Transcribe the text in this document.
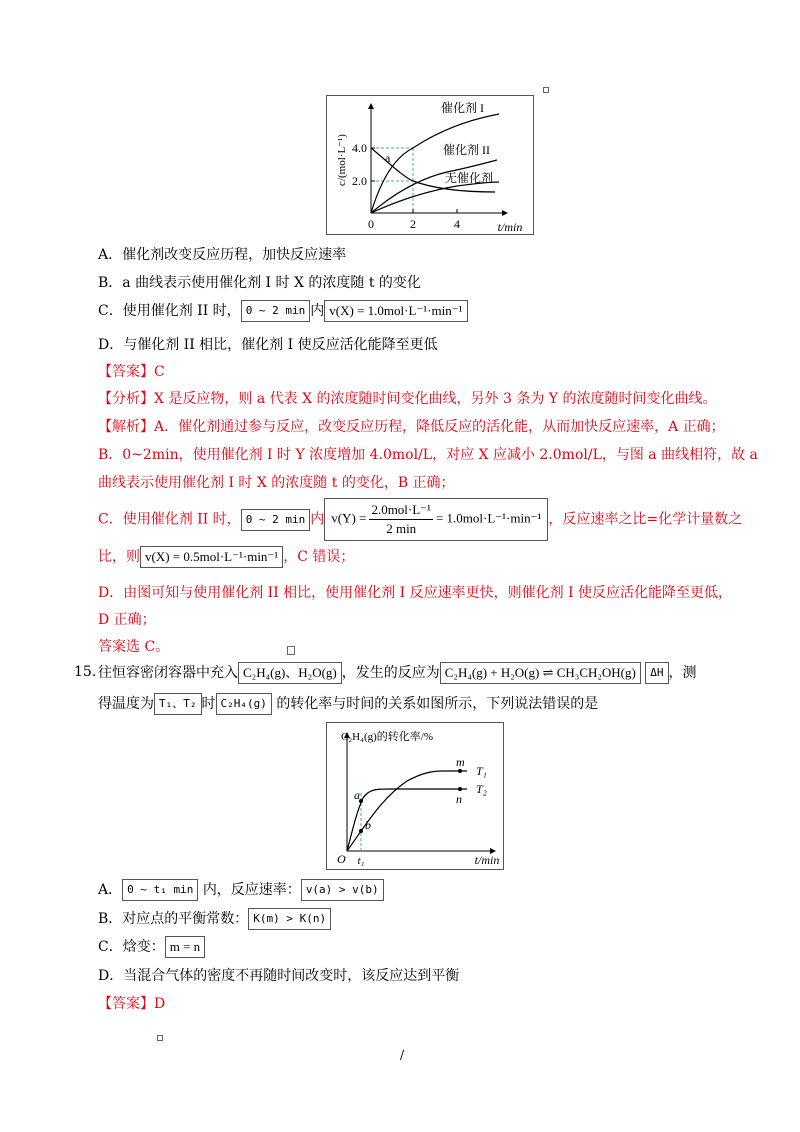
4.0
2.0
0	2	4	t/min
c/(mol·L⁻¹)
催化剂 I
催化剂 II
无催化剂
a
A．催化剂改变反应历程，加快反应速率
B．a 曲线表示使用催化剂 I 时 X 的浓度随 t 的变化
C．使用催化剂 II 时， 0 ~ 2 min 内 v(X) = 1.0mol·L⁻¹·min⁻¹
D．与催化剂 II 相比，催化剂 I 使反应活化能降至更低
【答案】C
【分析】X 是反应物，则 a 代表 X 的浓度随时间变化曲线，另外 3 条为 Y 的浓度随时间变化曲线。
【解析】A．催化剂通过参与反应，改变反应历程，降低反应的活化能，从而加快反应速率，A 正确；
B．0~2min，使用催化剂 I 时 Y 浓度增加 4.0mol/L，对应 X 应减小 2.0mol/L，与图 a 曲线相符，故 a
曲线表示使用催化剂 I 时 X 的浓度随 t 的变化，B 正确；
C．使用催化剂 II 时， 0 ~ 2 min 内 $v(Y) = \frac{\text{2.0mol·L⁻¹}}{2 \min} = 1.0mol\cdot L^{-1}\cdot\min^{-1}$ ，反应速率之比=化学计量数之
比，则 v(X) = 0.5mol·L⁻¹·min⁻¹ ，C 错误；
D．由图可知与使用催化剂 II 相比，使用催化剂 I 反应速率更快，则催化剂 I 使反应活化能降至更低，
D 正确；
答案选 C。
15. 往恒容密闭容器中充入 C₂H₄(g)、H₂O(g) ，发生的反应为 C₂H₄(g) + H₂O(g) ⇌ CH₃CH₂OH(g) ΔH ，测
得温度为 T₁、T₂ 时 C₂H₄(g) 的转化率与时间的关系如图所示，下列说法错误的是
C₂H₄(g)的转化率/%
O t₁	t/min
a
b
m
n
T₁
T₂
A． 0 ~ t₁ min 内，反应速率： v(a) > v(b)
B．对应点的平衡常数： K(m) > K(n)
C．焓变： m = n
D．当混合气体的密度不再随时间改变时，该反应达到平衡
【答案】D
/
